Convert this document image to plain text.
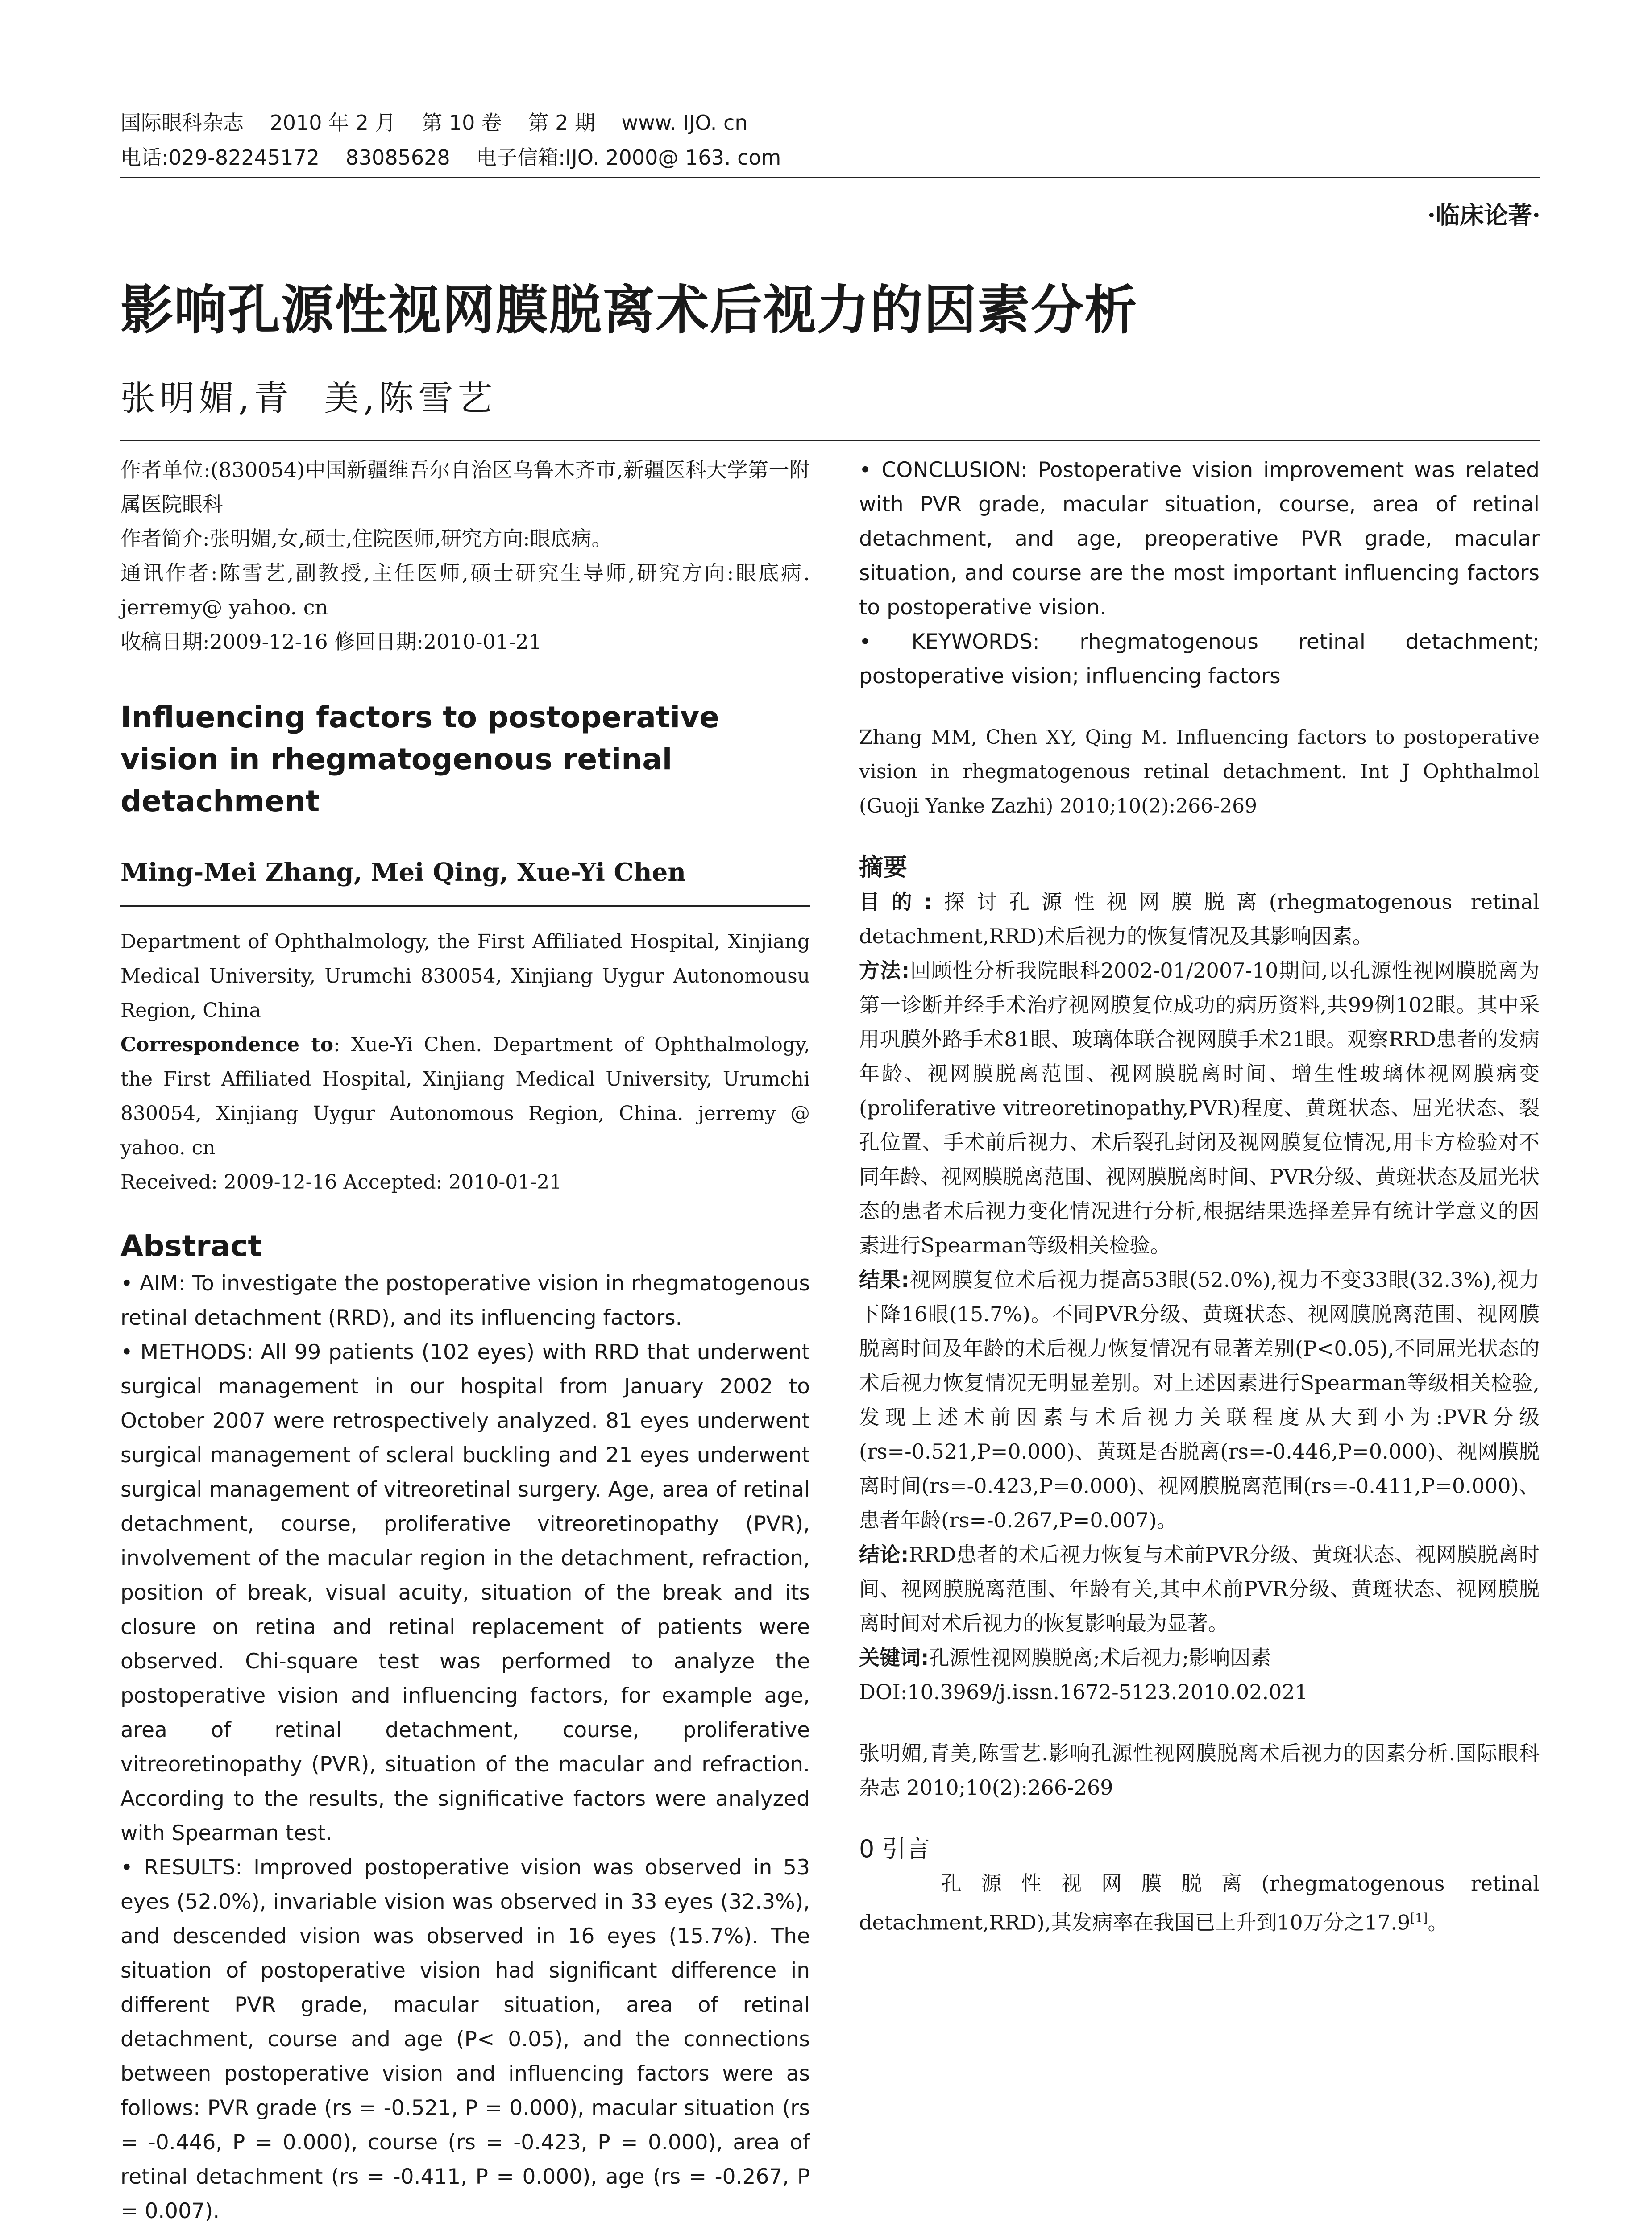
国际眼科杂志    2010 年 2 月    第 10 卷    第 2 期    www. IJO. cn
电话:029-82245172    83085628    电子信箱:IJO. 2000@ 163. com
·临床论著·
影响孔源性视网膜脱离术后视力的因素分析
张明媚,青  美,陈雪艺

作者单位:(830054)中国新疆维吾尔自治区乌鲁木齐市,新疆医科大学第一附属医院眼科

作者简介:张明媚,女,硕士,住院医师,研究方向:眼底病。

通讯作者:陈雪艺,副教授,主任医师,硕士研究生导师,研究方向:眼底病. jerremy@ yahoo. cn

收稿日期:2009-12-16 修回日期:2010-01-21

Influencing factors to postoperative vision in rhegmatogenous retinal detachment

Ming-Mei Zhang, Mei Qing, Xue-Yi Chen

Department of Ophthalmology, the First Affiliated Hospital, Xinjiang Medical University, Urumchi 830054, Xinjiang Uygur Autonomousu Region, China

Correspondence to: Xue-Yi Chen. Department of Ophthalmology, the First Affiliated Hospital, Xinjiang Medical University, Urumchi 830054, Xinjiang Uygur Autonomous Region, China. jerremy @ yahoo. cn

Received: 2009-12-16 Accepted: 2010-01-21

Abstract

• AIM: To investigate the postoperative vision in rhegmatogenous retinal detachment (RRD), and its influencing factors.

• METHODS: All 99 patients (102 eyes) with RRD that underwent surgical management in our hospital from January 2002 to October 2007 were retrospectively analyzed. 81 eyes underwent surgical management of scleral buckling and 21 eyes underwent surgical management of vitreoretinal surgery. Age, area of retinal detachment, course, proliferative vitreoretinopathy (PVR), involvement of the macular region in the detachment, refraction, position of break, visual acuity, situation of the break and its closure on retina and retinal replacement of patients were observed. Chi-square test was performed to analyze the postoperative vision and influencing factors, for example age, area of retinal detachment, course, proliferative vitreoretinopathy (PVR), situation of the macular and refraction. According to the results, the significative factors were analyzed with Spearman test.

• RESULTS: Improved postoperative vision was observed in 53 eyes (52.0%), invariable vision was observed in 33 eyes (32.3%), and descended vision was observed in 16 eyes (15.7%). The situation of postoperative vision had significant difference in different PVR grade, macular situation, area of retinal detachment, course and age (P< 0.05), and the connections between postoperative vision and influencing factors were as follows: PVR grade (rs = -0.521, P = 0.000), macular situation (rs = -0.446, P = 0.000), course (rs = -0.423, P = 0.000), area of retinal detachment (rs = -0.411, P = 0.000), age (rs = -0.267, P = 0.007).

• CONCLUSION: Postoperative vision improvement was related with PVR grade, macular situation, course, area of retinal detachment, and age, preoperative PVR grade, macular situation, and course are the most important influencing factors to postoperative vision.

• KEYWORDS: rhegmatogenous retinal detachment; postoperative vision; influencing factors

Zhang MM, Chen XY, Qing M. Influencing factors to postoperative vision in rhegmatogenous retinal detachment. Int J Ophthalmol (Guoji Yanke Zazhi) 2010;10(2):266-269

摘要

目的:探讨孔源性视网膜脱离(rhegmatogenous retinal detachment,RRD)术后视力的恢复情况及其影响因素。

方法:回顾性分析我院眼科2002-01/2007-10期间,以孔源性视网膜脱离为第一诊断并经手术治疗视网膜复位成功的病历资料,共99例102眼。其中采用巩膜外路手术81眼、玻璃体联合视网膜手术21眼。观察RRD患者的发病年龄、视网膜脱离范围、视网膜脱离时间、增生性玻璃体视网膜病变(proliferative vitreoretinopathy,PVR)程度、黄斑状态、屈光状态、裂孔位置、手术前后视力、术后裂孔封闭及视网膜复位情况,用卡方检验对不同年龄、视网膜脱离范围、视网膜脱离时间、PVR分级、黄斑状态及屈光状态的患者术后视力变化情况进行分析,根据结果选择差异有统计学意义的因素进行Spearman等级相关检验。

结果:视网膜复位术后视力提高53眼(52.0%),视力不变33眼(32.3%),视力下降16眼(15.7%)。不同PVR分级、黄斑状态、视网膜脱离范围、视网膜脱离时间及年龄的术后视力恢复情况有显著差别(P<0.05),不同屈光状态的术后视力恢复情况无明显差别。对上述因素进行Spearman等级相关检验,发现上述术前因素与术后视力关联程度从大到小为:PVR分级(rs=-0.521,P=0.000)、黄斑是否脱离(rs=-0.446,P=0.000)、视网膜脱离时间(rs=-0.423,P=0.000)、视网膜脱离范围(rs=-0.411,P=0.000)、患者年龄(rs=-0.267,P=0.007)。

结论:RRD患者的术后视力恢复与术前PVR分级、黄斑状态、视网膜脱离时间、视网膜脱离范围、年龄有关,其中术前PVR分级、黄斑状态、视网膜脱离时间对术后视力的恢复影响最为显著。

关键词:孔源性视网膜脱离;术后视力;影响因素

DOI:10.3969/j.issn.1672-5123.2010.02.021

张明媚,青美,陈雪艺.影响孔源性视网膜脱离术后视力的因素分析.国际眼科杂志 2010;10(2):266-269

0 引言

孔源性视网膜脱离(rhegmatogenous retinal detachment,RRD),其发病率在我国已上升到10万分之17.9[1]。
